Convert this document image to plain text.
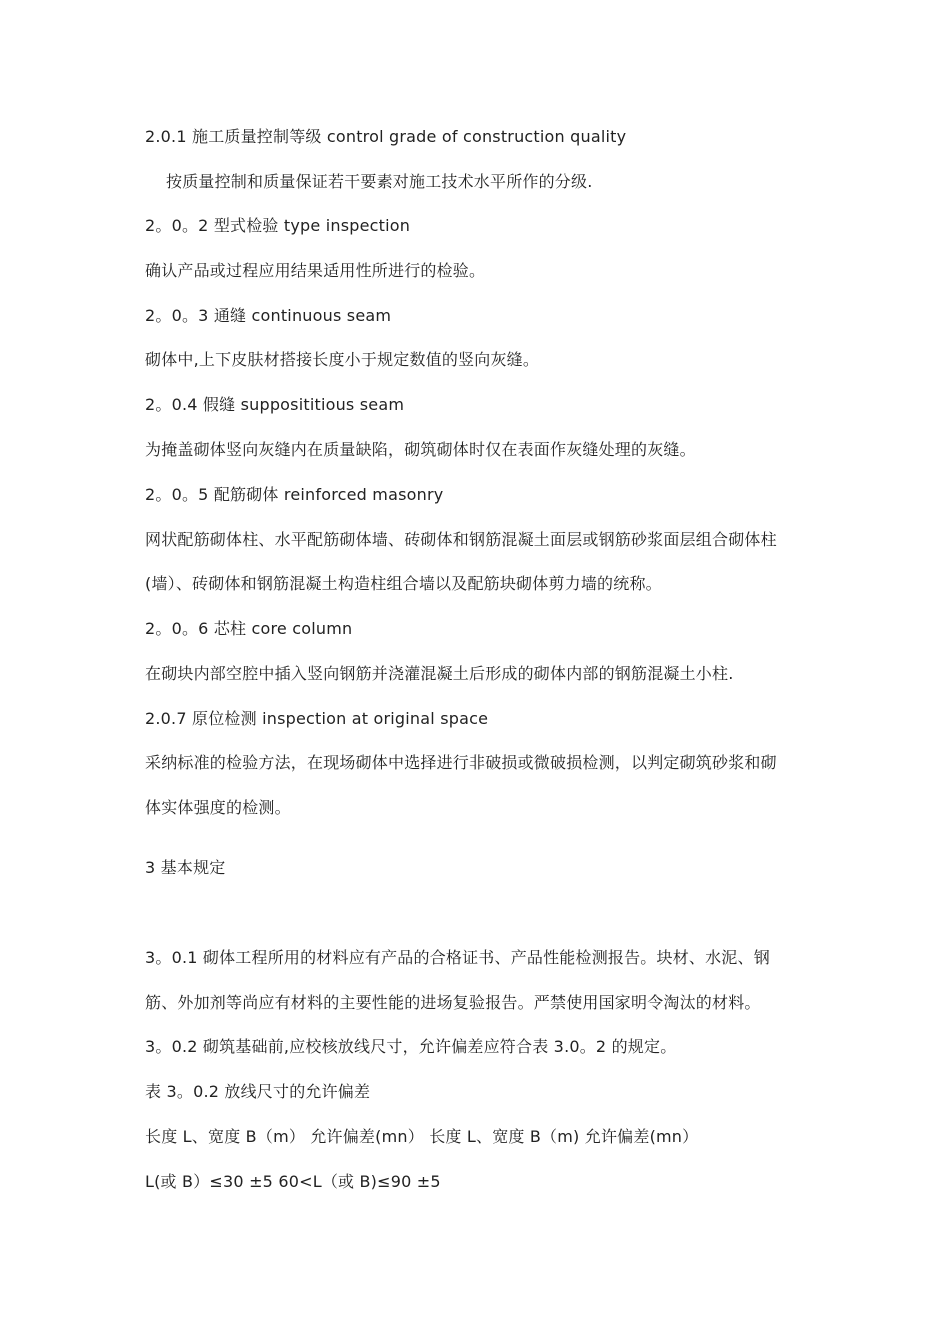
2.0.1 施工质量控制等级 control grade of construction quality
按质量控制和质量保证若干要素对施工技术水平所作的分级.
2。0。2 型式检验 type inspection
确认产品或过程应用结果适用性所进行的检验。
2。0。3 通缝 continuous seam
砌体中,上下皮肤材搭接长度小于规定数值的竖向灰缝。
2。0.4 假缝 supposititious seam
为掩盖砌体竖向灰缝内在质量缺陷，砌筑砌体时仅在表面作灰缝处理的灰缝。
2。0。5 配筋砌体 reinforced masonry
网状配筋砌体柱、水平配筋砌体墙、砖砌体和钢筋混凝土面层或钢筋砂浆面层组合砌体柱
(墙）、砖砌体和钢筋混凝土构造柱组合墙以及配筋块砌体剪力墙的统称。
2。0。6 芯柱 core column
在砌块内部空腔中插入竖向钢筋并浇灌混凝土后形成的砌体内部的钢筋混凝土小柱.
2.0.7 原位检测 inspection at original space
采纳标准的检验方法，在现场砌体中选择进行非破损或微破损检测，以判定砌筑砂浆和砌
体实体强度的检测。
3 基本规定
3。0.1 砌体工程所用的材料应有产品的合格证书、产品性能检测报告。块材、水泥、钢
筋、外加剂等尚应有材料的主要性能的进场复验报告。严禁使用国家明令淘汰的材料。
3。0.2 砌筑基础前,应校核放线尺寸，允许偏差应符合表 3.0。2 的规定。
表 3。0.2 放线尺寸的允许偏差
长度 L、宽度 B（m） 允许偏差(mn） 长度 L、宽度 B（m) 允许偏差(mn）
L(或 B）≤30 ±5 60<L（或 B)≤90 ±5
